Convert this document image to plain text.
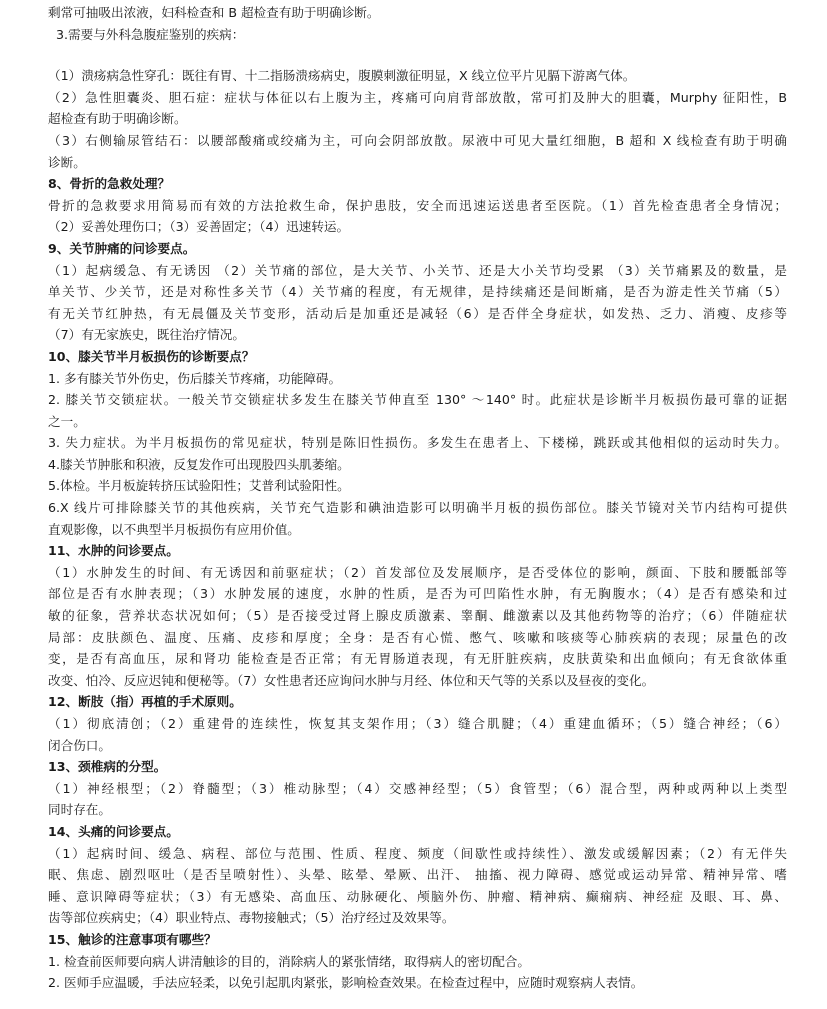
剩常可抽吸出浓液，妇科检查和 B 超检查有助于明确诊断。

3.需要与外科急腹症鉴别的疾病：

（1）溃疡病急性穿孔：既往有胃、十二指肠溃疡病史，腹膜刺激征明显，X 线立位平片见膈下游离气体。

（2）急性胆囊炎、胆石症：症状与体征以右上腹为主，疼痛可向肩背部放散，常可扪及肿大的胆囊，Murphy 征阳性，B

超检查有助于明确诊断。

（3）右侧输尿管结石：以腰部酸痛或绞痛为主，可向会阴部放散。尿液中可见大量红细胞，B 超和 X 线检查有助于明确

诊断。

8、骨折的急救处理？

骨折的急救要求用简易而有效的方法抢救生命，保护患肢，安全而迅速运送患者至医院。（1）首先检查患者全身情况；

（2）妥善处理伤口；（3）妥善固定；（4）迅速转运。

9、关节肿痛的问诊要点。

（1）起病缓急、有无诱因 （2）关节痛的部位，是大关节、小关节、还是大小关节均受累 （3）关节痛累及的数量，是

单关节、少关节，还是对称性多关节（4）关节痛的程度，有无规律，是持续痛还是间断痛，是否为游走性关节痛（5）

有无关节红肿热，有无晨僵及关节变形，活动后是加重还是减轻（6）是否伴全身症状，如发热、乏力、消瘦、皮疹等

（7）有无家族史，既往治疗情况。

10、膝关节半月板损伤的诊断要点？

1. 多有膝关节外伤史，伤后膝关节疼痛，功能障碍。

2. 膝关节交锁症状。一般关节交锁症状多发生在膝关节伸直至 130° ～140° 时。此症状是诊断半月板损伤最可靠的证据

之一。

3. 失力症状。为半月板损伤的常见症状，特别是陈旧性损伤。多发生在患者上、下楼梯，跳跃或其他相似的运动时失力。

4.膝关节肿胀和积液，反复发作可出现股四头肌萎缩。

5.体检。半月板旋转挤压试验阳性；艾普利试验阳性。

6.X 线片可排除膝关节的其他疾病，关节充气造影和碘油造影可以明确半月板的损伤部位。膝关节镜对关节内结构可提供

直观影像，以不典型半月板损伤有应用价值。

11、水肿的问诊要点。

（1）水肿发生的时间、有无诱因和前驱症状；（2）首发部位及发展顺序，是否受体位的影响，颜面、下肢和腰骶部等

部位是否有水肿表现；（3）水肿发展的速度，水肿的性质，是否为可凹陷性水肿，有无胸腹水；（4）是否有感染和过

敏的征象，营养状态状况如何；（5）是否接受过肾上腺皮质激素、睾酮、雌激素以及其他药物等的治疗；（6）伴随症状

局部：皮肤颜色、温度、压痛、皮疹和厚度；全身：是否有心慌、憋气、咳嗽和咳痰等心肺疾病的表现；尿量色的改

变，是否有高血压，尿和肾功 能检查是否正常；有无胃肠道表现，有无肝脏疾病，皮肤黄染和出血倾向；有无食欲体重

改变、怕冷、反应迟钝和便秘等。（7）女性患者还应询问水肿与月经、体位和天气等的关系以及昼夜的变化。

12、断肢（指）再植的手术原则。

（1）彻底清创；（2）重建骨的连续性，恢复其支架作用；（3）缝合肌腱；（4）重建血循环；（5）缝合神经；（6）

闭合伤口。

13、颈椎病的分型。

（1）神经根型；（2）脊髓型；（3）椎动脉型；（4）交感神经型；（5）食管型；（6）混合型，两种或两种以上类型

同时存在。

14、头痛的问诊要点。

（1）起病时间、缓急、病程、部位与范围、性质、程度、频度（间歇性或持续性）、激发或缓解因素；（2）有无伴失

眠、焦虑、剧烈呕吐（是否呈喷射性）、头晕、眩晕、晕厥、出汗、 抽搐、视力障碍、感觉或运动异常、精神异常、嗜

睡、意识障碍等症状；（3）有无感染、高血压、动脉硬化、颅脑外伤、肿瘤、精神病、癫痫病、神经症 及眼、耳、鼻、

齿等部位疾病史；（4）职业特点、毒物接触式；（5）治疗经过及效果等。

15、触诊的注意事项有哪些？

1. 检查前医师要向病人讲清触诊的目的，消除病人的紧张情绪，取得病人的密切配合。

2. 医师手应温暖，手法应轻柔，以免引起肌肉紧张，影响检查效果。在检查过程中，应随时观察病人表情。
